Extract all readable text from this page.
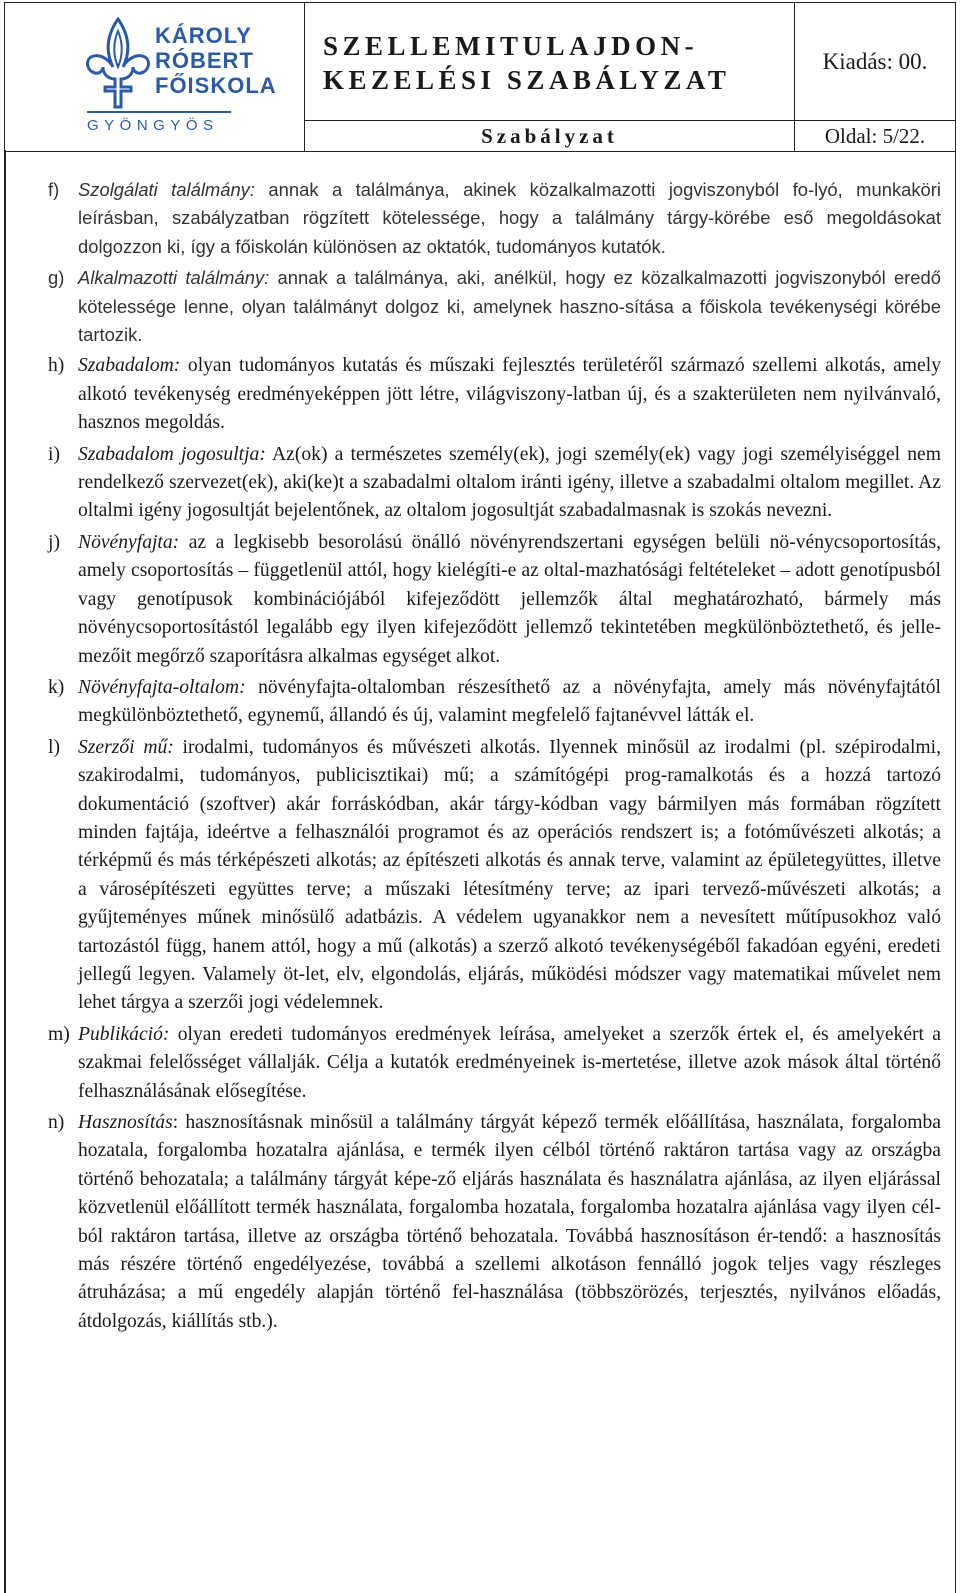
KÁROLY
RÓBERT
FŐISKOLA
GYÖNGYÖS
SZELLEMITULAJDON-
KEZELÉSI SZABÁLYZAT
Kiadás: 00.
Szabályzat	Oldal: 5/22.
f) Szolgálati találmány: annak a találmánya, akinek közalkalmazotti jogviszonyból fo-lyó, munkaköri leírásban, szabályzatban rögzített kötelessége, hogy a találmány tárgy-körébe eső megoldásokat dolgozzon ki, így a főiskolán különösen az oktatók, tudományos kutatók.
g) Alkalmazotti találmány: annak a találmánya, aki, anélkül, hogy ez közalkalmazotti jogviszonyból eredő kötelessége lenne, olyan találmányt dolgoz ki, amelynek haszno-sítása a főiskola tevékenységi körébe tartozik.
h) Szabadalom: olyan tudományos kutatás és műszaki fejlesztés területéről származó szellemi alkotás, amely alkotó tevékenység eredményeképpen jött létre, világviszony-latban új, és a szakterületen nem nyilvánvaló, hasznos megoldás.
i) Szabadalom jogosultja: Az(ok) a természetes személy(ek), jogi személy(ek) vagy jogi személyiséggel nem rendelkező szervezet(ek), aki(ke)t a szabadalmi oltalom iránti igény, illetve a szabadalmi oltalom megillet. Az oltalmi igény jogosultját bejelentőnek, az oltalom jogosultját szabadalmasnak is szokás nevezni.
j) Növényfajta: az a legkisebb besorolású önálló növényrendszertani egységen belüli nö-vénycsoportosítás, amely csoportosítás – függetlenül attól, hogy kielégíti-e az oltal-mazhatósági feltételeket – adott genotípusból vagy genotípusok kombinációjából kifejeződött jellemzők által meghatározható, bármely más növénycsoportosítástól legalább egy ilyen kifejeződött jellemző tekintetében megkülönböztethető, és jelle-mezőit megőrző szaporításra alkalmas egységet alkot.
k) Növényfajta-oltalom: növényfajta-oltalomban részesíthető az a növényfajta, amely más növényfajtától megkülönböztethető, egynemű, állandó és új, valamint megfelelő fajtanévvel látták el.
l) Szerzői mű: irodalmi, tudományos és művészeti alkotás. Ilyennek minősül az irodalmi (pl. szépirodalmi, szakirodalmi, tudományos, publicisztikai) mű; a számítógépi prog-ramalkotás és a hozzá tartozó dokumentáció (szoftver) akár forráskódban, akár tárgy-kódban vagy bármilyen más formában rögzített minden fajtája, ideértve a felhasználói programot és az operációs rendszert is; a fotóművészeti alkotás; a térképmű és más térképészeti alkotás; az építészeti alkotás és annak terve, valamint az épületegyüttes, illetve a városépítészeti együttes terve; a műszaki létesítmény terve; az ipari tervező-művészeti alkotás; a gyűjteményes műnek minősülő adatbázis. A védelem ugyanakkor nem a nevesített műtípusokhoz való tartozástól függ, hanem attól, hogy a mű (alkotás) a szerző alkotó tevékenységéből fakadóan egyéni, eredeti jellegű legyen. Valamely öt-let, elv, elgondolás, eljárás, működési módszer vagy matematikai művelet nem lehet tárgya a szerzői jogi védelemnek.
m) Publikáció: olyan eredeti tudományos eredmények leírása, amelyeket a szerzők értek el, és amelyekért a szakmai felelősséget vállalják. Célja a kutatók eredményeinek is-mertetése, illetve azok mások által történő felhasználásának elősegítése.
n) Hasznosítás: hasznosításnak minősül a találmány tárgyát képező termék előállítása, használata, forgalomba hozatala, forgalomba hozatalra ajánlása, e termék ilyen célból történő raktáron tartása vagy az országba történő behozatala; a találmány tárgyát képe-ző eljárás használata és használatra ajánlása, az ilyen eljárással közvetlenül előállított termék használata, forgalomba hozatala, forgalomba hozatalra ajánlása vagy ilyen cél-ból raktáron tartása, illetve az országba történő behozatala. Továbbá hasznosításon ér-tendő: a hasznosítás más részére történő engedélyezése, továbbá a szellemi alkotáson fennálló jogok teljes vagy részleges átruházása; a mű engedély alapján történő fel-használása (többszörözés, terjesztés, nyilvános előadás, átdolgozás, kiállítás stb.).
